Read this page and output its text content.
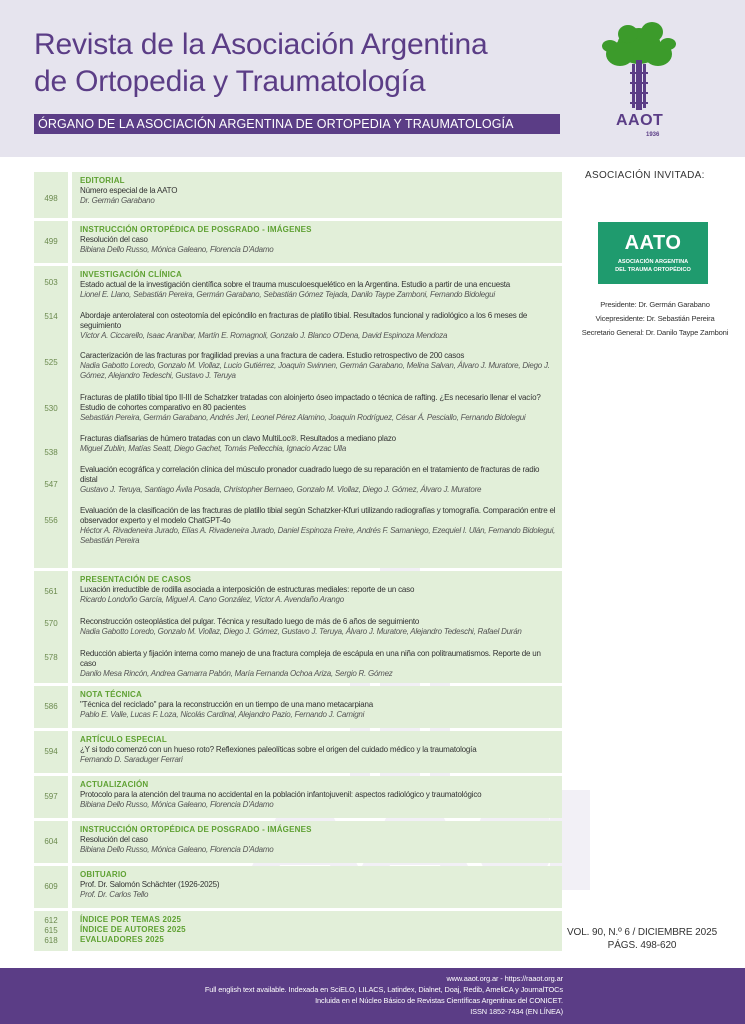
Revista de la Asociación Argentina
de Ortopedia y Traumatología
ÓRGANO DE LA ASOCIACIÓN ARGENTINA DE ORTOPEDIA Y TRAUMATOLOGÍA	AAOT
1936
498
EDITORIAL
Número especial de la AATO
Dr. Germán Garabano
499
INSTRUCCIÓN ORTOPÉDICA DE POSGRADO - IMÁGENES
Resolución del caso
Bibiana Dello Russo, Mónica Galeano, Florencia D'Adamo
503
514
525
530
538
547
556
INVESTIGACIÓN CLÍNICA
Estado actual de la investigación científica sobre el trauma musculoesquelético en la Argentina. Estudio a partir de una encuesta
Lionel E. Llano, Sebastián Pereira, Germán Garabano, Sebastián Gómez Tejada, Danilo Taype Zamboni, Fernando Bidolegui
Abordaje anterolateral con osteotomía del epicóndilo en fracturas de platillo tibial. Resultados funcional y radiológico a los 6 meses de seguimiento
Víctor A. Ciccarello, Isaac Aranibar, Martín E. Romagnoli, Gonzalo J. Blanco O'Dena, David Espinoza Mendoza
Caracterización de las fracturas por fragilidad previas a una fractura de cadera. Estudio retrospectivo de 200 casos
Nadia Gabotto Loredo, Gonzalo M. Viollaz, Lucio Gutiérrez, Joaquín Swinnen, Germán Garabano, Melina Salvan, Álvaro J. Muratore, Diego J. Gómez, Alejandro Tedeschi, Gustavo J. Teruya
Fracturas de platillo tibial tipo II-III de Schatzker tratadas con aloinjerto óseo impactado o técnica de rafting. ¿Es necesario llenar el vacío? Estudio de cohortes comparativo en 80 pacientes
Sebastián Pereira, Germán Garabano, Andrés Jeri, Leonel Pérez Alamino, Joaquín Rodríguez, César Á. Pesciallo, Fernando Bidolegui
Fracturas diafisarias de húmero tratadas con un clavo MultiLoc®. Resultados a mediano plazo
Miguel Zublin, Matías Seatt, Diego Gachet, Tomás Pellecchia, Ignacio Arzac Ulla
Evaluación ecográfica y correlación clínica del músculo pronador cuadrado luego de su reparación en el tratamiento de fracturas de radio distal
Gustavo J. Teruya, Santiago Ávila Posada, Christopher Bernaeo, Gonzalo M. Viollaz, Diego J. Gómez, Álvaro J. Muratore
Evaluación de la clasificación de las fracturas de platillo tibial según Schatzker-Kfuri utilizando radiografías y tomografía. Comparación entre el observador experto y el modelo ChatGPT-4o
Héctor A. Rivadeneira Jurado, Elías A. Rivadeneira Jurado, Daniel Espinoza Freire, Andrés F. Samaniego, Ezequiel I. Ulán, Fernando Bidolegui, Sebastián Pereira
561
570
578
PRESENTACIÓN DE CASOS
Luxación irreductible de rodilla asociada a interposición de estructuras mediales: reporte de un caso
Ricardo Londoño García, Miguel A. Cano González, Víctor A. Avendaño Arango
Reconstrucción osteoplástica del pulgar. Técnica y resultado luego de más de 6 años de seguimiento
Nadia Gabotto Loredo, Gonzalo M. Viollaz, Diego J. Gómez, Gustavo J. Teruya, Álvaro J. Muratore, Alejandro Tedeschi, Rafael Durán
Reducción abierta y fijación interna como manejo de una fractura compleja de escápula en una niña con politraumatismos. Reporte de un caso
Danilo Mesa Rincón, Andrea Gamarra Pabón, María Fernanda Ochoa Ariza, Sergio R. Gómez
586
NOTA TÉCNICA
"Técnica del reciclado" para la reconstrucción en un tiempo de una mano metacarpiana
Pablo E. Valle, Lucas F. Loza, Nicolás Cardinal, Alejandro Pazio, Fernando J. Carnigni
594
ARTÍCULO ESPECIAL
¿Y si todo comenzó con un hueso roto? Reflexiones paleolíticas sobre el origen del cuidado médico y la traumatología
Fernando D. Saraduger Ferrari
597
ACTUALIZACIÓN
Protocolo para la atención del trauma no accidental en la población infantojuvenil: aspectos radiológico y traumatológico
Bibiana Dello Russo, Mónica Galeano, Florencia D'Adamo
604
INSTRUCCIÓN ORTOPÉDICA DE POSGRADO - IMÁGENES
Resolución del caso
Bibiana Dello Russo, Mónica Galeano, Florencia D'Adamo
609
OBITUARIO
Prof. Dr. Salomón Schächter (1926-2025)
Prof. Dr. Carlos Tello
612
615
618
ÍNDICE POR TEMAS 2025
ÍNDICE DE AUTORES 2025
EVALUADORES 2025
ASOCIACIÓN INVITADA:
AATO
ASOCIACIÓN ARGENTINA
DEL TRAUMA ORTOPÉDICO
Presidente: Dr. Germán Garabano
Vicepresidente: Dr. Sebastián Pereira
Secretario General: Dr. Danilo Taype Zamboni
VOL. 90, N.º 6 / DICIEMBRE 2025
PÁGS. 498-620
www.aaot.org.ar - https://raaot.org.ar
Full english text available. Indexada en SciELO, LILACS, Latindex, Dialnet, Doaj, Redib, AmeliCA y JournalTOCs
Incluida en el Núcleo Básico de Revistas Científicas Argentinas del CONICET.
ISSN 1852-7434 (EN LÍNEA)
